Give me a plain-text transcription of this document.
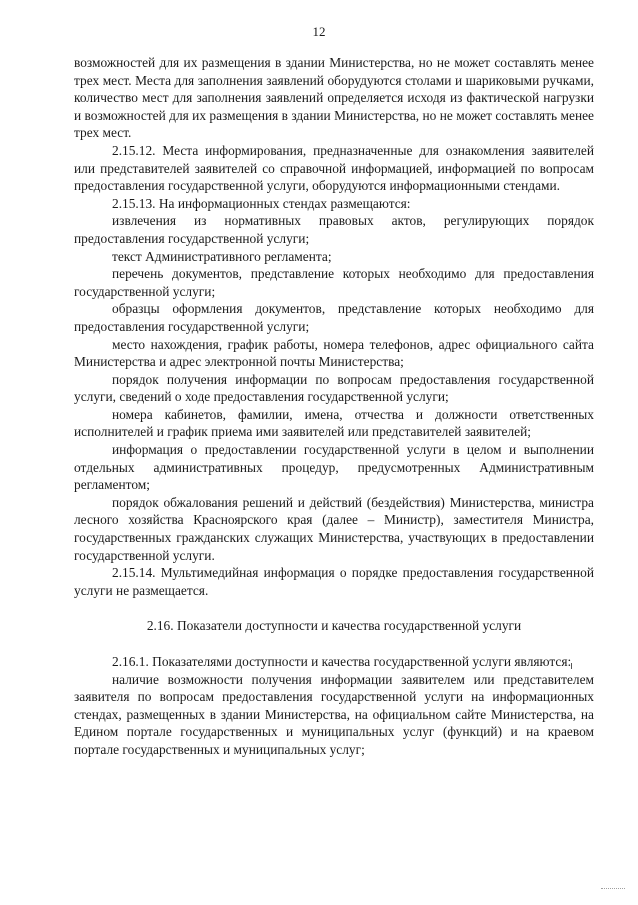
12

возможностей для их размещения в здании Министерства, но не может составлять менее трех мест. Места для заполнения заявлений оборудуются столами и шариковыми ручками, количество мест для заполнения заявлений определяется исходя из фактической нагрузки и возможностей для их размещения в здании Министерства, но не может составлять менее трех мест.

2.15.12. Места информирования, предназначенные для ознакомления заявителей или представителей заявителей со справочной информацией, информацией по вопросам предоставления государственной услуги, оборудуются информационными стендами.

2.15.13. На информационных стендах размещаются:

извлечения из нормативных правовых актов, регулирующих порядок предоставления государственной услуги;

текст Административного регламента;

перечень документов, представление которых необходимо для предоставления государственной услуги;

образцы оформления документов, представление которых необходимо для предоставления государственной услуги;

место нахождения, график работы, номера телефонов, адрес официального сайта Министерства и адрес электронной почты Министерства;

порядок получения информации по вопросам предоставления государственной услуги, сведений о ходе предоставления государственной услуги;

номера кабинетов, фамилии, имена, отчества и должности ответственных исполнителей и график приема ими заявителей или представителей заявителей;

информация о предоставлении государственной услуги в целом и выполнении отдельных административных процедур, предусмотренных Административным регламентом;

порядок обжалования решений и действий (бездействия) Министерства, министра лесного хозяйства Красноярского края (далее – Министр), заместителя Министра, государственных гражданских служащих Министерства, участвующих в предоставлении государственной услуги.

2.15.14. Мультимедийная информация о порядке предоставления государственной услуги не размещается.

2.16. Показатели доступности и качества государственной услуги

2.16.1. Показателями доступности и качества государственной услуги являются:

наличие возможности получения информации заявителем или представителем заявителя по вопросам предоставления государственной услуги на информационных стендах, размещенных в здании Министерства, на официальном сайте Министерства, на Едином портале государственных и муниципальных услуг (функций) и на краевом портале государственных и муниципальных услуг;
